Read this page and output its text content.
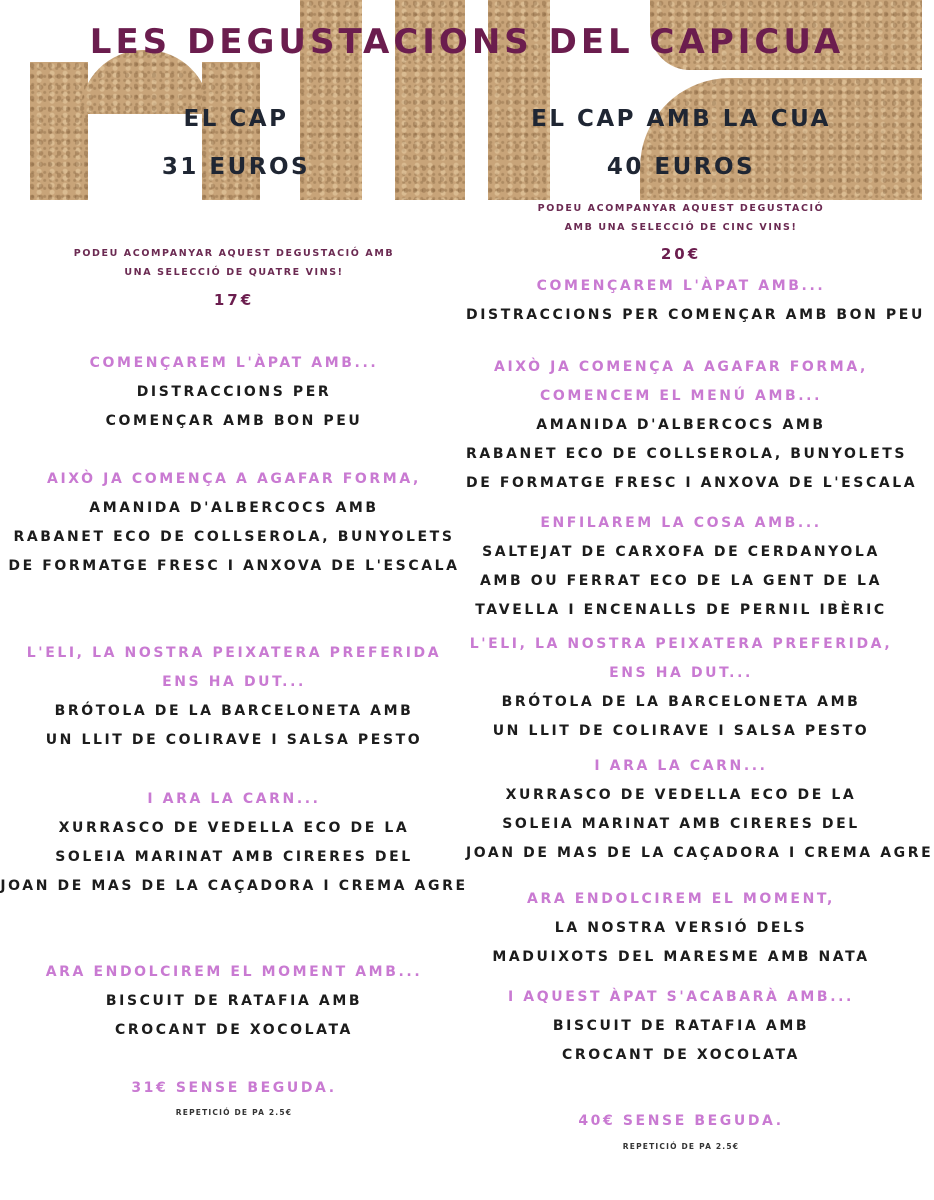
LES DEGUSTACIONS DEL CAPICUA
EL CAP
31 EUROS
PODEU ACOMPANYAR AQUEST DEGUSTACIÓ AMB
UNA SELECCIÓ DE QUATRE VINS!
17€
COMENÇAREM L'ÀPAT AMB...
DISTRACCIONS PER
COMENÇAR AMB BON PEU
AIXÒ JA COMENÇA A AGAFAR FORMA,
AMANIDA D'ALBERCOCS AMB
RABANET ECO DE COLLSEROLA, BUNYOLETS
DE FORMATGE FRESC I ANXOVA DE L'ESCALA
L'ELI, LA NOSTRA PEIXATERA PREFERIDA
ENS HA DUT...
BRÓTOLA DE LA BARCELONETA AMB
UN LLIT DE COLIRAVE I SALSA PESTO
I ARA LA CARN...
XURRASCO DE VEDELLA ECO DE LA
SOLEIA MARINAT AMB CIRERES DEL
JOAN DE MAS DE LA CAÇADORA I CREMA AGRE
ARA ENDOLCIREM EL MOMENT AMB...
BISCUIT DE RATAFIA AMB
CROCANT DE XOCOLATA
31€ SENSE BEGUDA.
REPETICIÓ DE PA 2.5€
EL CAP AMB LA CUA
40 EUROS
PODEU ACOMPANYAR AQUEST DEGUSTACIÓ
AMB UNA SELECCIÓ DE CINC VINS!
20€
COMENÇAREM L'ÀPAT AMB...
DISTRACCIONS PER COMENÇAR AMB BON PEU
AIXÒ JA COMENÇA A AGAFAR FORMA,
COMENCEM EL MENÚ AMB...
AMANIDA D'ALBERCOCS AMB
RABANET ECO DE COLLSEROLA, BUNYOLETS
DE FORMATGE FRESC I ANXOVA DE L'ESCALA
ENFILAREM LA COSA AMB...
SALTEJAT DE CARXOFA DE CERDANYOLA
AMB OU FERRAT ECO DE LA GENT DE LA
TAVELLA I ENCENALLS DE PERNIL IBÈRIC
L'ELI, LA NOSTRA PEIXATERA PREFERIDA,
ENS HA DUT...
BRÓTOLA DE LA BARCELONETA AMB
UN LLIT DE COLIRAVE I SALSA PESTO
I ARA LA CARN...
XURRASCO DE VEDELLA ECO DE LA
SOLEIA MARINAT AMB CIRERES DEL
JOAN DE MAS DE LA CAÇADORA I CREMA AGRE
ARA ENDOLCIREM EL MOMENT,
LA NOSTRA VERSIÓ DELS
MADUIXOTS DEL MARESME AMB NATA
I AQUEST ÀPAT S'ACABARÀ AMB...
BISCUIT DE RATAFIA AMB
CROCANT DE XOCOLATA
40€ SENSE BEGUDA.
REPETICIÓ DE PA 2.5€
